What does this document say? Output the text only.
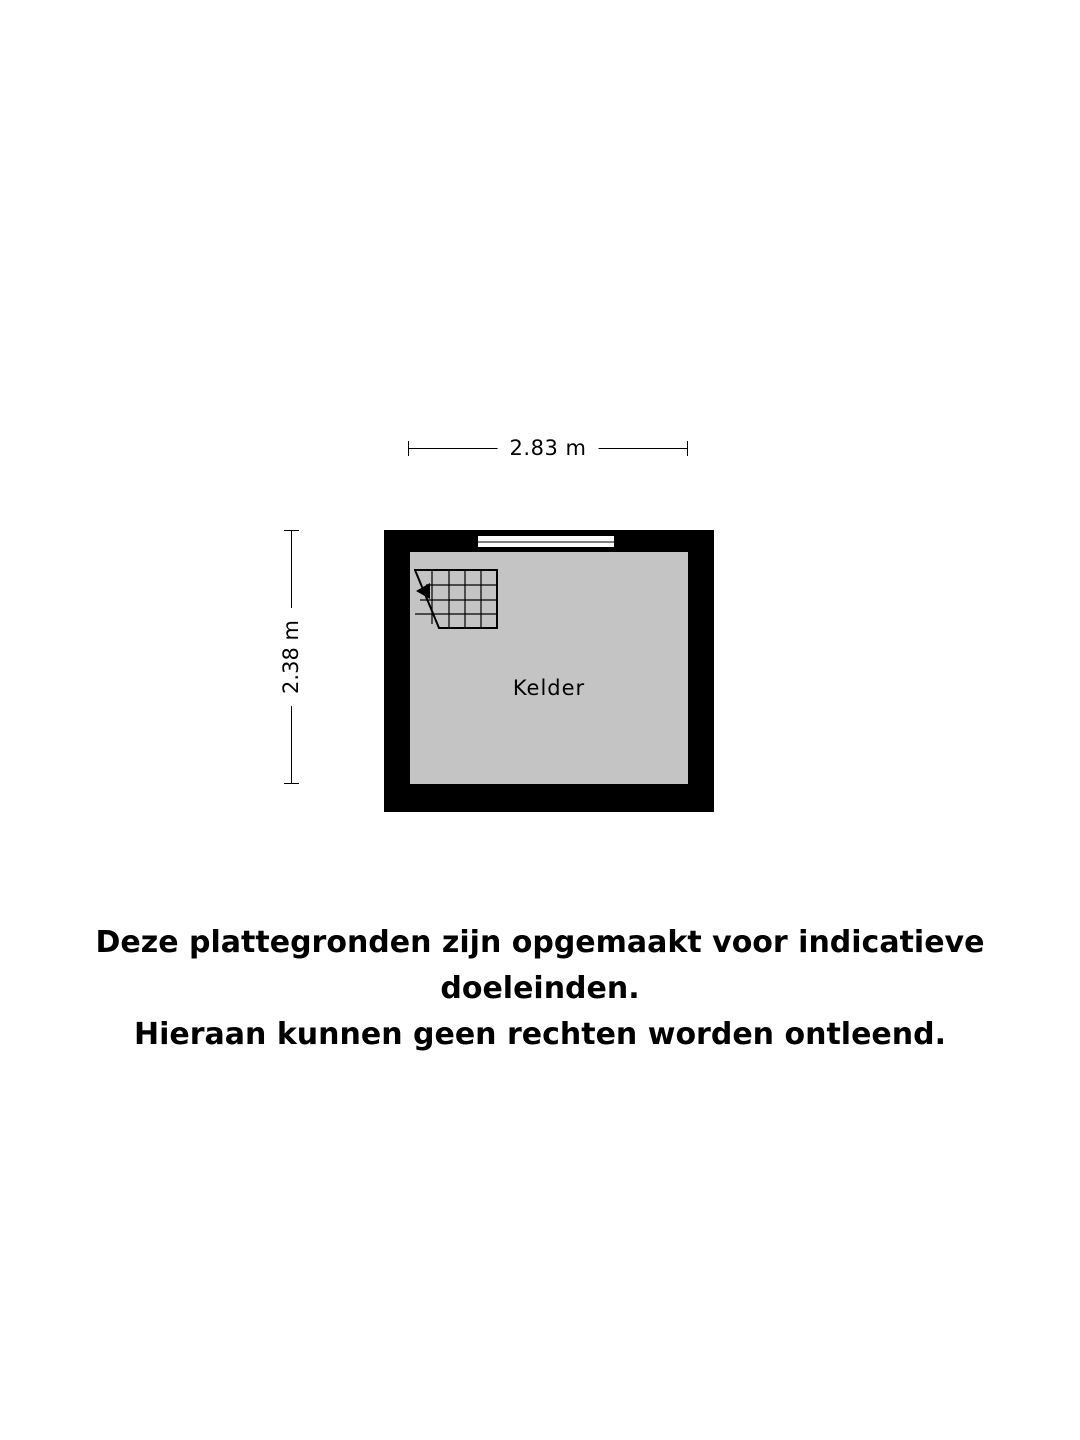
2.83 m
2.38 m	Kelder
Deze plattegronden zijn opgemaakt voor indicatieve doeleinden.
Hieraan kunnen geen rechten worden ontleend.
